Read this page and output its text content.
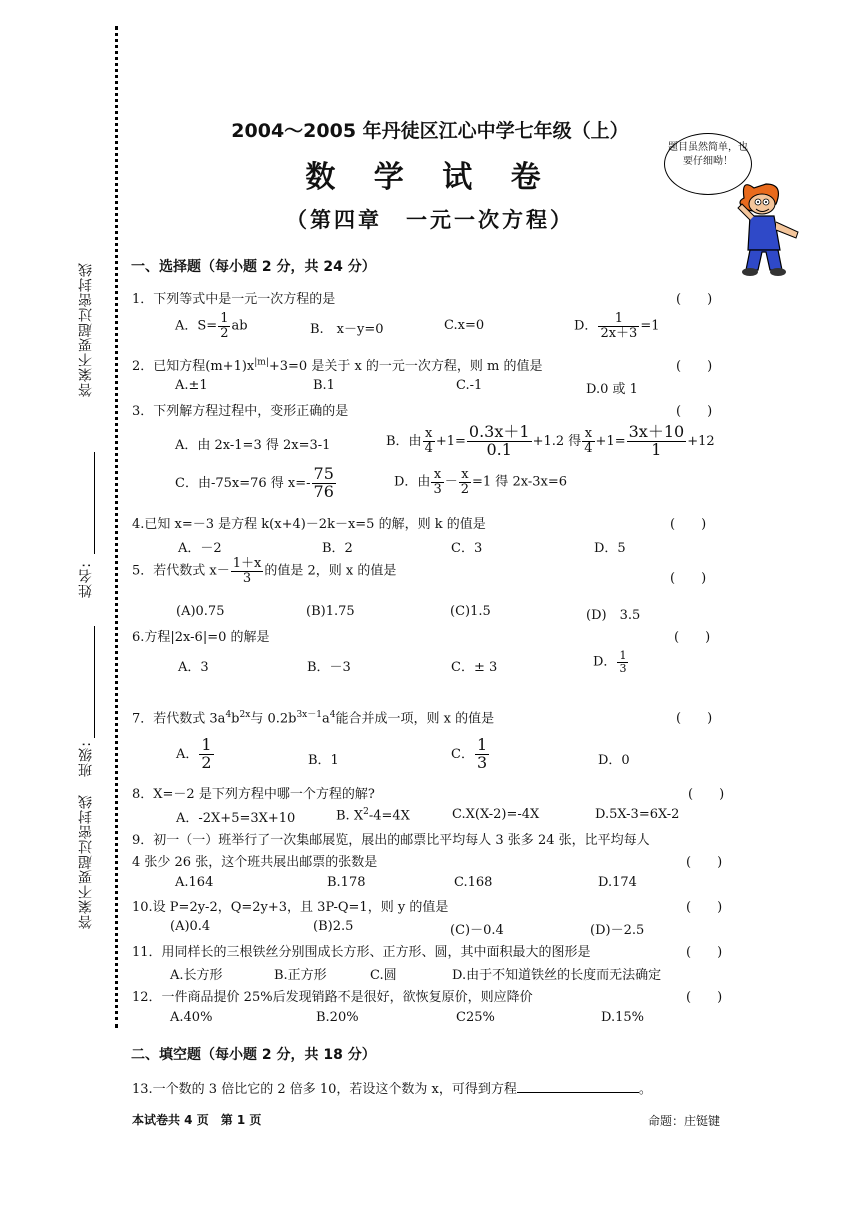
答案不要超过密封线
姓名:
班级:
答案不要超过密封线
2004～2005 年丹徒区江心中学七年级（上）
数 学 试 卷
（第四章　一元一次方程）
题目虽然简单，也要仔细呦！
一、选择题（每小题 2 分，共 24 分）
1．下列等式中是一元一次方程的是	(　　)
A．$S= \frac{1}{2}$ ab	B.　x－y=0	C.x=0	D． $\frac{1}{2x+3} =1$
2．已知方程$(m+1)x^{|m|}+3=0$ 是关于 x 的一元一次方程，则 m 的值是	(　　)
A.±1	B.1	C.-1	D.0 或 1
3．下列解方程过程中，变形正确的是	(　　)
A．由 2x-1=3 得 2x=3-1	B．由 $\frac{x}{4} +1= \frac{0.3x+1}{0.1} +1.2$ 得 $\frac{x}{4} +1= \frac{3x+10}{1} +12$
C．由-75x=76 得 $x=- \frac{75}{76}$	D．由 $\frac{x}{3} - \frac{x}{2} =1$ 得 2x-3x=6
4.已知 x=－3 是方程 k(x+4)－2k－x=5 的解，则 k 的值是	(　　)
A．－2	B．2	C．3	D．5
5．若代数式 $x- \frac{1+x}{3}$ 的值是 2，则 x 的值是	(　　)
(A)0.75	(B)1.75	(C)1.5	(D)　3.5
6.方程|2x-6|=0 的解是	(　　)
A．3	B．－3	C．± 3	D． $\frac{1}{3}$
7．若代数式 $3a^4b^{2x}$与 $0.2b^{3x-1}a^4$能合并成一项，则 x 的值是	(　　)
A． $\frac{1}{2}$	B．1	C． $\frac{1}{3}$	D．0
8．X=－2 是下列方程中哪一个方程的解?	(　　)
A．-2X+5=3X+10	B. $X^2-4=4X$	C.X(X-2)=-4X	D.5X-3=6X-2
9．初一（一）班举行了一次集邮展览，展出的邮票比平均每人 3 张多 24 张，比平均每人
4 张少 26 张，这个班共展出邮票的张数是	(　　)
A.164	B.178	C.168	D.174
10.设 P=2y-2，Q=2y+3，且 3P-Q=1，则 y 的值是	(　　)
(A)0.4	(B)2.5	(C)－0.4	(D)－2.5
11．用同样长的三根铁丝分别围成长方形、正方形、圆，其中面积最大的图形是	(　　)
A.长方形	B.正方形	C.圆	D.由于不知道铁丝的长度而无法确定
12．一件商品提价 25%后发现销路不是很好，欲恢复原价，则应降价	(　　)
A.40%	B.20%	C25%	D.15%
二、填空题（每小题 2 分，共 18 分）
13.一个数的 3 倍比它的 2 倍多 10，若设这个数为 x，可得到方程	。
本试卷共 4 页　第 1 页	命题：庄铤键
